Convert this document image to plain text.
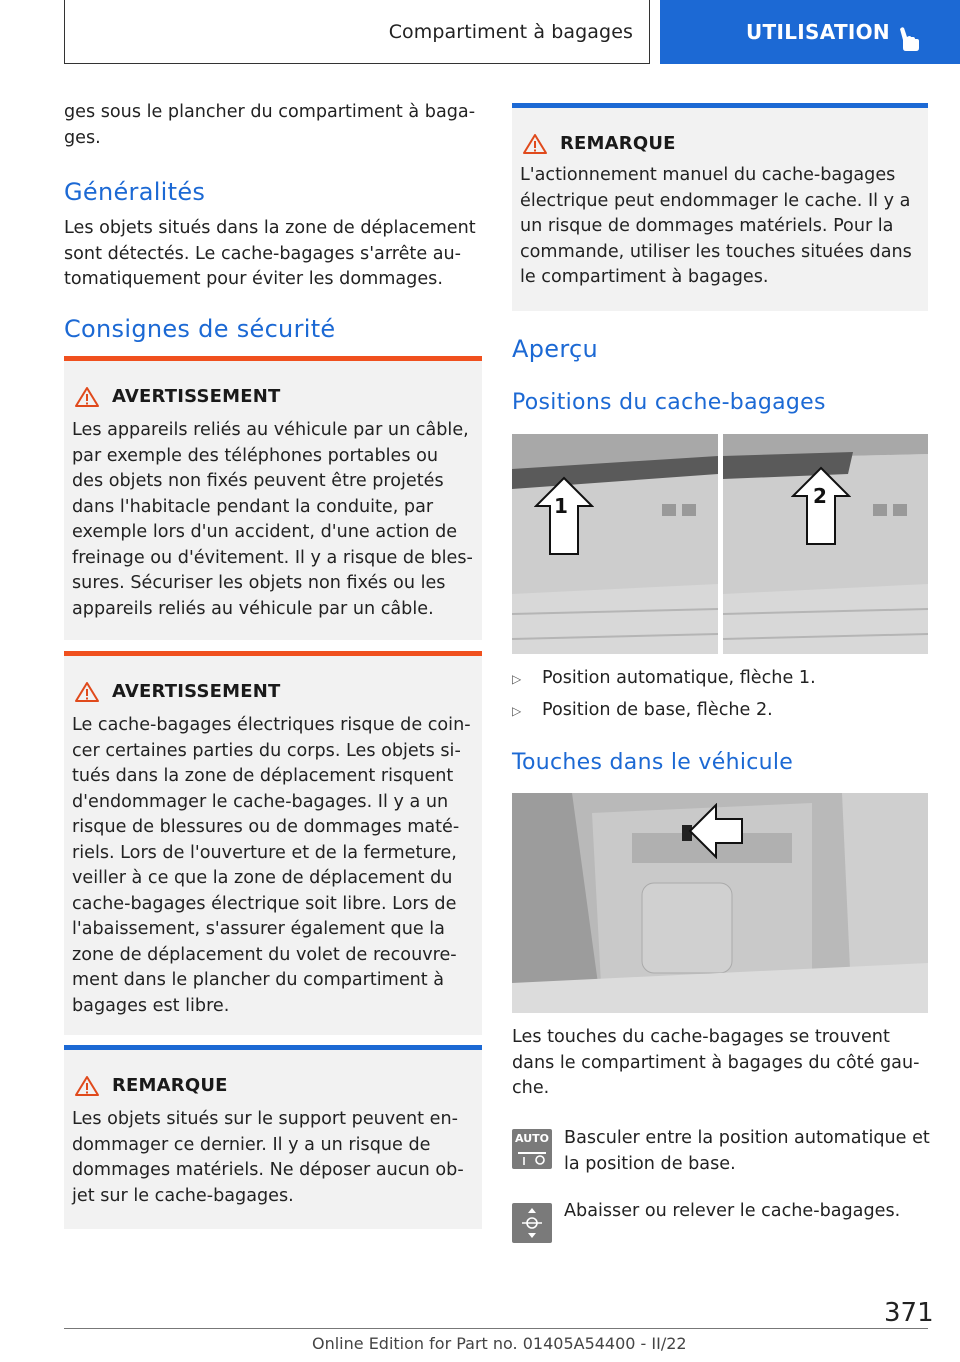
Compartiment à bagages	UTILISATION
ges sous le plancher du compartiment à baga-ges.
Généralités
Les objets situés dans la zone de déplacement sont détectés. Le cache-bagages s'arrête au-tomatiquement pour éviter les dommages.
Consignes de sécurité
AVERTISSEMENT
Les appareils reliés au véhicule par un câble, par exemple des téléphones portables ou des objets non fixés peuvent être projetés dans l'habitacle pendant la conduite, par exemple lors d'un accident, d'une action de freinage ou d'évitement. Il y a risque de bles-sures. Sécuriser les objets non fixés ou les appareils reliés au véhicule par un câble.
AVERTISSEMENT
Le cache-bagages électriques risque de coin-cer certaines parties du corps. Les objets si-tués dans la zone de déplacement risquent d'endommager le cache-bagages. Il y a un risque de blessures ou de dommages maté-riels. Lors de l'ouverture et de la fermeture, veiller à ce que la zone de déplacement du cache-bagages électrique soit libre. Lors de l'abaissement, s'assurer également que la zone de déplacement du volet de recouvre-ment dans le plancher du compartiment à bagages est libre.
REMARQUE
Les objets situés sur le support peuvent en-dommager ce dernier. Il y a un risque de dommages matériels. Ne déposer aucun ob-jet sur le cache-bagages.
REMARQUE
L'actionnement manuel du cache-bagages électrique peut endommager le cache. Il y a un risque de dommages matériels. Pour la commande, utiliser les touches situées dans le compartiment à bagages.
Aperçu
Positions du cache-bagages
1	2
▷	Position automatique, flèche 1.
▷	Position de base, flèche 2.
Touches dans le véhicule
Les touches du cache-bagages se trouvent dans le compartiment à bagages du côté gau-che.
AUTO Basculer entre la position automatique et la position de base.
Abaisser ou relever le cache-bagages.
371
Online Edition for Part no. 01405A54400 - II/22
